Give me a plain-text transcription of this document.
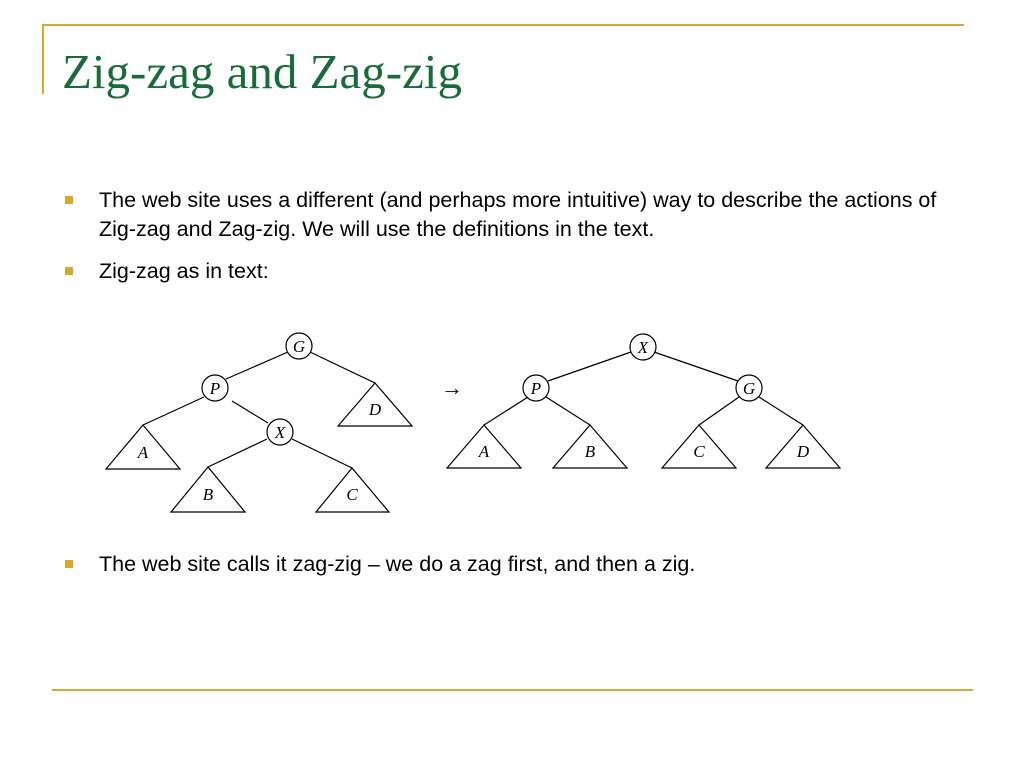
Zig-zag and Zag-zig
The web site uses a different (and perhaps more intuitive) way to describe the actions of Zig-zag and Zag-zig. We will use the definitions in the text.
Zig-zag as in text:
G
P
X
A
B	C
D
→
X
P	G
A	B	C	D
The web site calls it zag-zig – we do a zag first, and then a zig.
